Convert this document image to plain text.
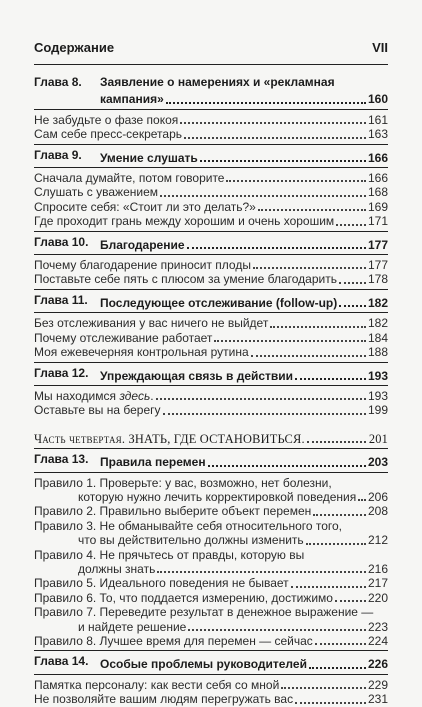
Содержание	VII
Глава 8.	Заявление о намерениях и «рекламная
кампания»	160
Не забудьте о фазе покоя	161
Сам себе пресс-секретарь	163
Глава 9.	Умение слушать	166
Сначала думайте, потом говорите	166
Слушать с уважением	168
Спросите себя: «Стоит ли это делать?»	169
Где проходит грань между хорошим и очень хорошим	171
Глава 10. Благодарение	177
Почему благодарение приносит плоды	177
Поставьте себе пять с плюсом за умение благодарить	178
Глава 11.	Последующее отслеживание (follow-up)	182
Без отслеживания у вас ничего не выйдет	182
Почему отслеживание работает	184
Моя ежевечерняя контрольная рутина	188
Глава 12. Упреждающая связь в действии	193
Мы находимся здесь.	193
Оставьте вы на берегу	199
Часть четвертая. ЗНАТЬ, ГДЕ ОСТАНОВИТЬСЯ.	201
Глава 13. Правила перемен	203
Правило 1. Проверьте: у вас, возможно, нет болезни,
которую нужно лечить корректировкой поведения 206
Правило 2. Правильно выберите объект перемен	208
Правило 3. Не обманывайте себя относительного того,
что вы действительно должны изменить	212
Правило 4. Не прячьтесь от правды, которую вы
должны знать	216
Правило 5. Идеального поведения не бывает	217
Правило 6. То, что поддается измерению, достижимо	220
Правило 7. Переведите результат в денежное выражение —
и найдете решение	223
Правило 8. Лучшее время для перемен — сейчас	224
Глава 14. Особые проблемы руководителей	226
Памятка персоналу: как вести себя со мной	229
Не позволяйте вашим людям перегружать вас	231
